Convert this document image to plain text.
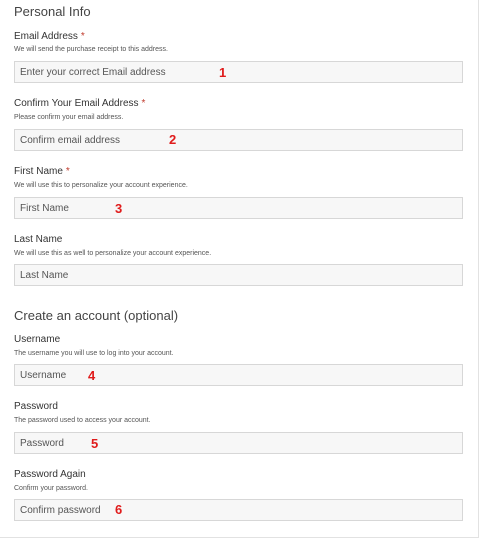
Personal Info
Email Address *
We will send the purchase receipt to this address.
Enter your correct Email address
1
Confirm Your Email Address *
Please confirm your email address.
Confirm email address
2
First Name *
We will use this to personalize your account experience.
First Name
3
Last Name
We will use this as well to personalize your account experience.
Last Name
Create an account (optional)
Username
The username you will use to log into your account.
Username
4
Password
The password used to access your account.
5
Password Again
Confirm your password.
6
